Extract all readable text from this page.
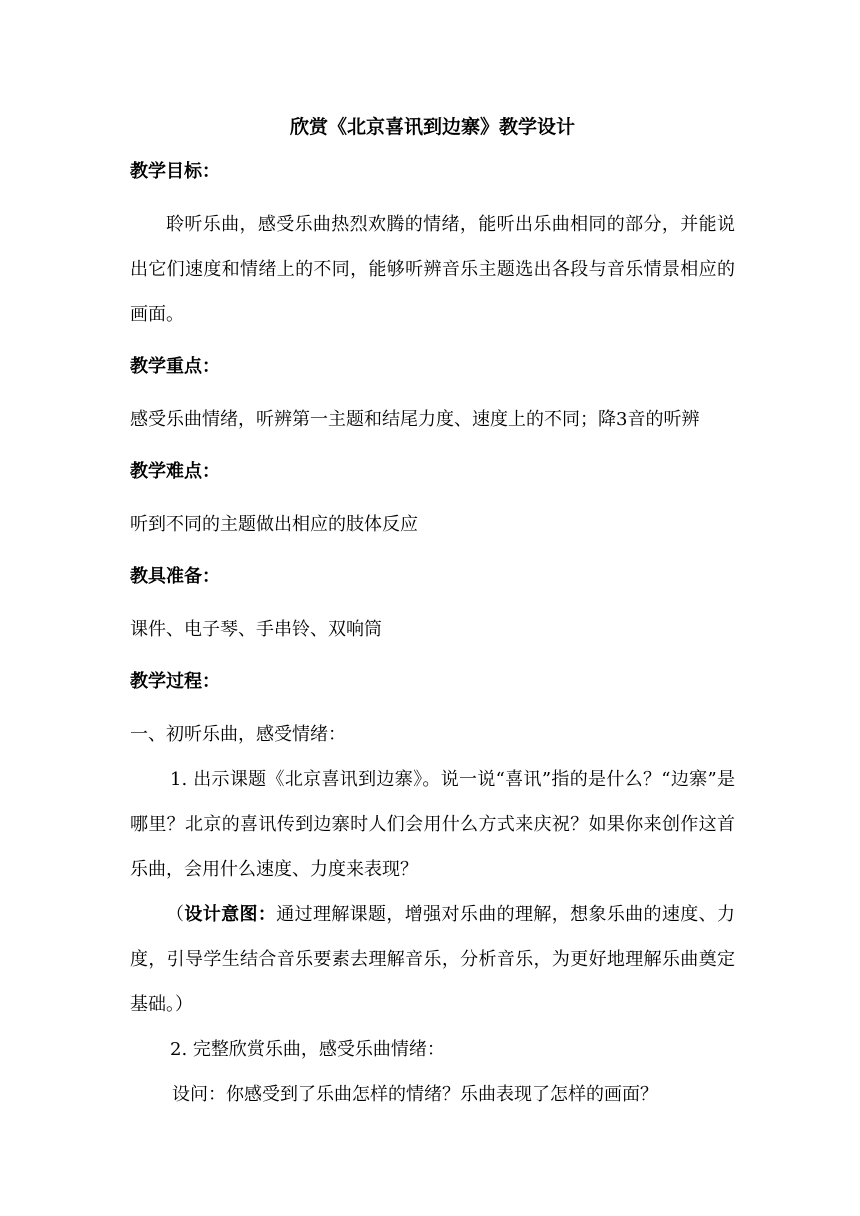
欣赏《北京喜讯到边寨》教学设计
教学目标：

聆听乐曲，感受乐曲热烈欢腾的情绪，能听出乐曲相同的部分，并能说出它们速度和情绪上的不同，能够听辨音乐主题选出各段与音乐情景相应的画面。

教学重点：

感受乐曲情绪，听辨第一主题和结尾力度、速度上的不同；降3音的听辨

教学难点：

听到不同的主题做出相应的肢体反应

教具准备：

课件、电子琴、手串铃、双响筒

教学过程：

一、初听乐曲，感受情绪：

1. 出示课题《北京喜讯到边寨》。说一说“喜讯”指的是什么？“边寨”是哪里？北京的喜讯传到边寨时人们会用什么方式来庆祝？如果你来创作这首乐曲，会用什么速度、力度来表现？

（设计意图：通过理解课题，增强对乐曲的理解，想象乐曲的速度、力度，引导学生结合音乐要素去理解音乐，分析音乐，为更好地理解乐曲奠定基础。）

2. 完整欣赏乐曲，感受乐曲情绪：

设问：你感受到了乐曲怎样的情绪？乐曲表现了怎样的画面？
